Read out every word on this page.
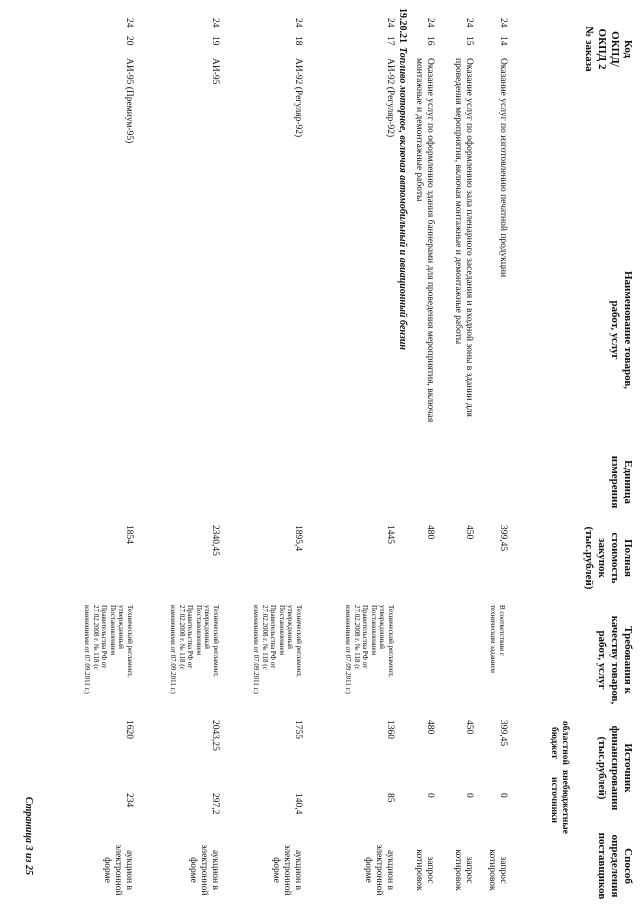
Код
ОКПД/
ОКПД 2
№ заказа
Наименование товаров,
работ, услуг
Единица
измерения
Полная
стоимость
закупок
(тыс.рублей)
Требования к
качеству товаров,
работ, услуг
Источник
финансирования
(тыс.рублей)
областной
бюджет
внебюджетные
источники
Способ
определения
поставщиков
24
14
Оказание услуг по изготовлению печатной продукции
399,45
В соответствии с техническим заданием
399,45
0
запрос котировок
24
15
Оказание услуг по оформлению зала пленарного заседания и входной зоны в здании для проведения мероприятия, включая монтажные и демонтажные работы
450
450
0
запрос котировок
24
16
Оказание услуг по оформлению здания баннерами для проведения мероприятия, включая монтажные и демонтажные работы
480
480
0
запрос котировок
19.20.21Топливо моторное, включая автомобильный и авиационный бензин
24
17
АИ-92 (Регуляр-92)
1445
Технический регламент, утвержденный Постановлением Правительства РФ от 27.02.2008 г. № 118 (с изменениями от 07.09.2011 г.)
1360
85
аукцион в электронной форме
24
18
АИ-92 (Регуляр-92)
1895,4
Технический регламент, утвержденный Постановлением Правительства РФ от 27.02.2008 г. № 118 (с изменениями от 07.09.2011 г.)
1755
140,4
аукцион в электронной форме
24
19
АИ-95
2340,45
Технический регламент, утвержденный Постановлением Правительства РФ от 27.02.2008 г. № 118 (с изменениями от 07.09.2011 г.)
2043,25
297,2
аукцион в электронной форме
24
20
АИ-95 (Премиум-95)
1854
Технический регламент, утвержденный Постановлением Правительства РФ от 27.02.2008 г. № 118 (с изменениями от 07.09.2011 г.)
1620
234
аукцион в электронной форме
Страница 3 из 25
